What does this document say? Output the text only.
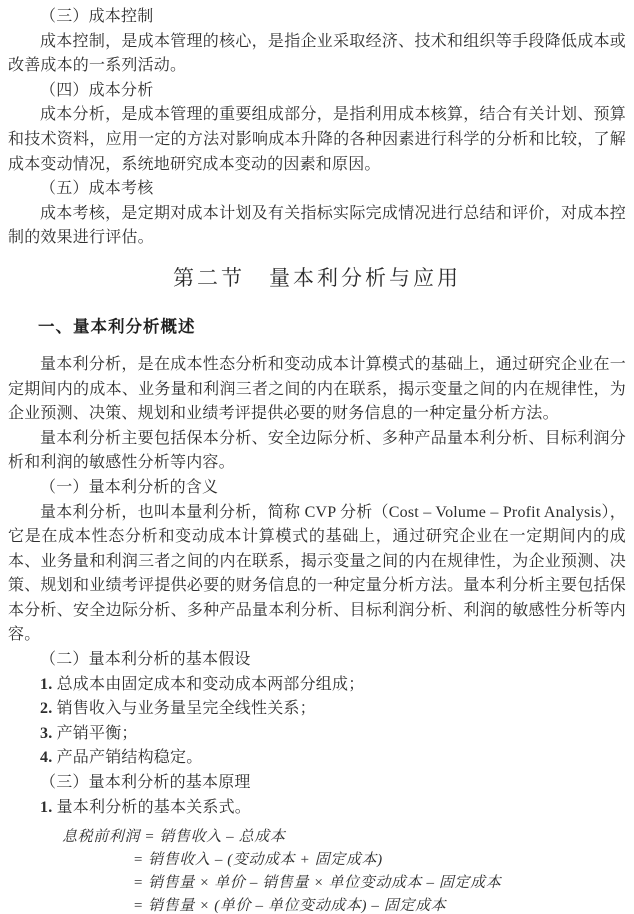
（三）成本控制

成本控制，是成本管理的核心，是指企业采取经济、技术和组织等手段降低成本或改善成本的一系列活动。

（四）成本分析

成本分析，是成本管理的重要组成部分，是指利用成本核算，结合有关计划、预算和技术资料，应用一定的方法对影响成本升降的各种因素进行科学的分析和比较，了解成本变动情况，系统地研究成本变动的因素和原因。

（五）成本考核

成本考核，是定期对成本计划及有关指标实际完成情况进行总结和评价，对成本控制的效果进行评估。

第二节　量本利分析与应用
一、量本利分析概述

量本利分析，是在成本性态分析和变动成本计算模式的基础上，通过研究企业在一定期间内的成本、业务量和利润三者之间的内在联系，揭示变量之间的内在规律性，为企业预测、决策、规划和业绩考评提供必要的财务信息的一种定量分析方法。

量本利分析主要包括保本分析、安全边际分析、多种产品量本利分析、目标利润分析和利润的敏感性分析等内容。

（一）量本利分析的含义

量本利分析，也叫本量利分析，简称 CVP 分析（Cost – Volume – Profit Analysis），它是在成本性态分析和变动成本计算模式的基础上，通过研究企业在一定期间内的成本、业务量和利润三者之间的内在联系，揭示变量之间的内在规律性，为企业预测、决策、规划和业绩考评提供必要的财务信息的一种定量分析方法。量本利分析主要包括保本分析、安全边际分析、多种产品量本利分析、目标利润分析、利润的敏感性分析等内容。

（二）量本利分析的基本假设

1. 总成本由固定成本和变动成本两部分组成；

2. 销售收入与业务量呈完全线性关系；

3. 产销平衡；

4. 产品产销结构稳定。

（三）量本利分析的基本原理

1. 量本利分析的基本关系式。

息税前利润 = 销售收入 – 总成本

= 销售收入 – (变动成本 + 固定成本)

= 销售量 × 单价 – 销售量 × 单位变动成本 – 固定成本

= 销售量 × (单价 – 单位变动成本) – 固定成本
